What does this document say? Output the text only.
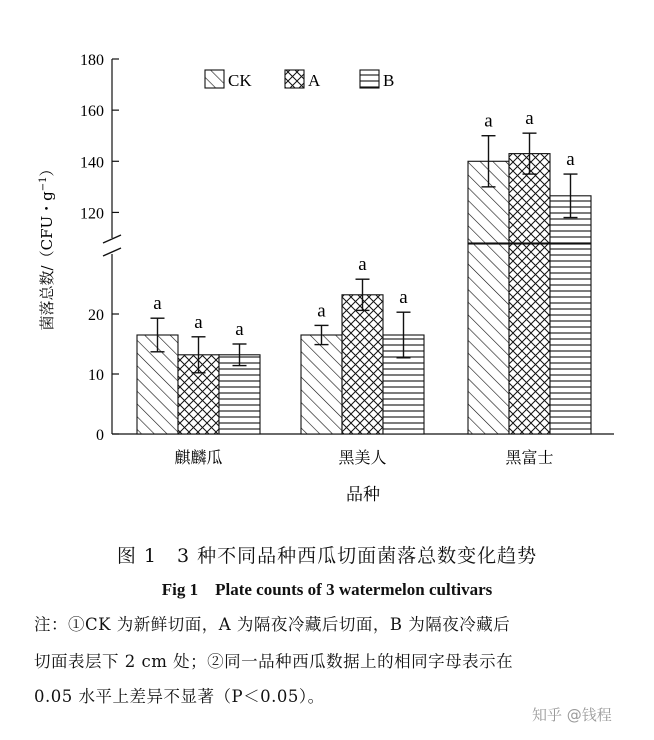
菌落总数/（CFU・$g^{-1}$）
0
10
20
120
140
160
180
a
a a
a
a
a
a a
a
麒麟瓜	黑美人	黑富士
品种
CK	A	B
图 1　3 种不同品种西瓜切面菌落总数变化趋势
Fig 1　Plate counts of 3 watermelon cultivars
注：①CK 为新鲜切面，A 为隔夜冷藏后切面，B 为隔夜冷藏后
切面表层下 2 cm 处；②同一品种西瓜数据上的相同字母表示在
0.05 水平上差异不显著（P＜0.05）。
知乎 @钱程
